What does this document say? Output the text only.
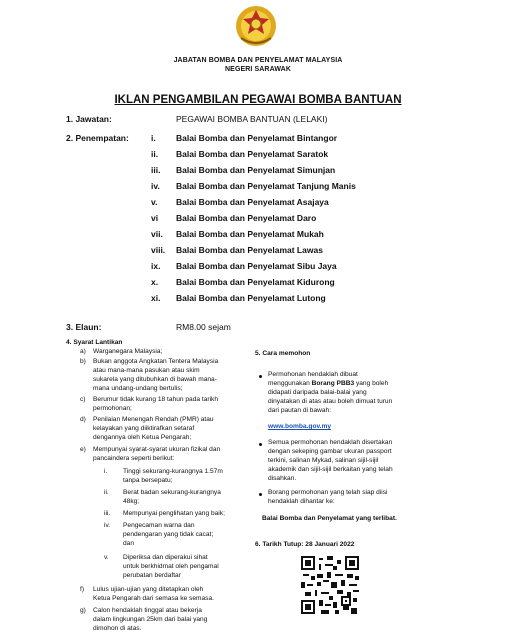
JABATAN BOMBA DAN PENYELAMAT MALAYSIA
NEGERI SARAWAK
IKLAN PENGAMBILAN PEGAWAI BOMBA BANTUAN
1. Jawatan:	PEGAWAI BOMBA BANTUAN (LELAKI)
2. Penempatan:	i.	Balai Bomba dan Penyelamat Bintangor
ii.	Balai Bomba dan Penyelamat Saratok
iii.	Balai Bomba dan Penyelamat Simunjan
iv.	Balai Bomba dan Penyelamat Tanjung Manis
v.	Balai Bomba dan Penyelamat Asajaya
vi	Balai Bomba dan Penyelamat Daro
vii.	Balai Bomba dan Penyelamat Mukah
viii.	Balai Bomba dan Penyelamat Lawas
ix.	Balai Bomba dan Penyelamat Sibu Jaya
x.	Balai Bomba dan Penyelamat Kidurong
xi.	Balai Bomba dan Penyelamat Lutong
3. Elaun:	RM8.00 sejam
4. Syarat Lantikan
a) Warganegara Malaysia;
b) Bukan anggota Angkatan Tentera Malaysia
atau mana-mana pasukan atau skim
sukarela yang ditubuhkan di bawah mana-
mana undang-undang bertulis;
c) Berumur tidak kurang 18 tahun pada tarikh
permohonan;
d) Penilaian Menengah Rendah (PMR) atau
kelayakan yang diiktirafkan setaraf
dengannya oleh Ketua Pengarah;
e) Mempunyai syarat-syarat ukuran fizikal dan
pancaindera seperti berikut:
i. Tinggi sekurang-kurangnya 1.57m
tanpa bersepatu;
ii. Berat badan sekurang-kurangnya
48kg;
iii. Mempunyai penglihatan yang baik;
iv. Pengecaman warna dan
pendengaran yang tidak cacat;
dan
v. Diperiksa dan diperakui sihat
untuk berkhidmat oleh pengamal
perubatan berdaftar
f) Lulus ujian-ujian yang ditetapkan oleh
Ketua Pengarah dari semasa ke semasa.
g) Calon hendaklah tinggal atau bekerja
dalam lingkungan 25km dari balai yang
dimohon di atas.
5. Cara memohon
Permohonan hendaklah dibuat
menggunakan Borang PBB3 yang boleh
didapati daripada balai-balai yang
dinyatakan di atas atau boleh dimuat turun
dari pautan di bawah:
www.bomba.gov.my
Semua permohonan hendaklah disertakan
dengan sekeping gambar ukuran passport
terkini, salinan Mykad, salinan sijil-sijil
akademik dan sijil-sijil berkaitan yang telah
disahkan.
Borang permohonan yang telah siap diisi
hendaklah dihantar ke:
Balai Bomba dan Penyelamat yang terlibat.
6. Tarikh Tutup: 28 Januari 2022
